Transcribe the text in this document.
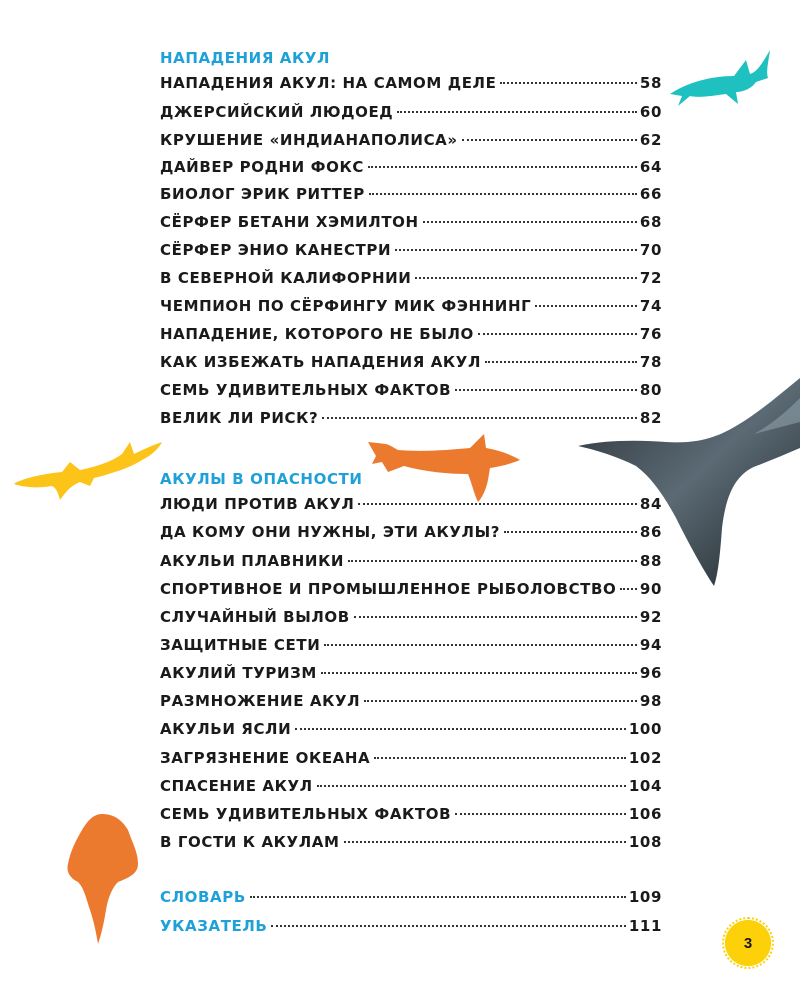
НАПАДЕНИЯ АКУЛ
НАПАДЕНИЯ АКУЛ: НА САМОМ ДЕЛЕ	58
ДЖЕРСИЙСКИЙ ЛЮДОЕД	60
КРУШЕНИЕ «ИНДИАНАПОЛИСА»	62
ДАЙВЕР РОДНИ ФОКС	64
БИОЛОГ ЭРИК РИТТЕР	66
СЁРФЕР БЕТАНИ ХЭМИЛТОН	68
СЁРФЕР ЭНИО КАНЕСТРИ	70
В СЕВЕРНОЙ КАЛИФОРНИИ	72
ЧЕМПИОН ПО СЁРФИНГУ МИК ФЭННИНГ	74
НАПАДЕНИЕ, КОТОРОГО НЕ БЫЛО	76
КАК ИЗБЕЖАТЬ НАПАДЕНИЯ АКУЛ	78
СЕМЬ УДИВИТЕЛЬНЫХ ФАКТОВ	80
ВЕЛИК ЛИ РИСК?	82
АКУЛЫ В ОПАСНОСТИ
ЛЮДИ ПРОТИВ АКУЛ	84
ДА КОМУ ОНИ НУЖНЫ, ЭТИ АКУЛЫ?	86
АКУЛЬИ ПЛАВНИКИ	88
СПОРТИВНОЕ И ПРОМЫШЛЕННОЕ РЫБОЛОВСТВО 90
СЛУЧАЙНЫЙ ВЫЛОВ	92
ЗАЩИТНЫЕ СЕТИ	94
АКУЛИЙ ТУРИЗМ	96
РАЗМНОЖЕНИЕ АКУЛ	98
АКУЛЬИ ЯСЛИ	100
ЗАГРЯЗНЕНИЕ ОКЕАНА	102
СПАСЕНИЕ АКУЛ	104
СЕМЬ УДИВИТЕЛЬНЫХ ФАКТОВ	106
В ГОСТИ К АКУЛАМ	108
СЛОВАРЬ	109
УКАЗАТЕЛЬ	111
3
